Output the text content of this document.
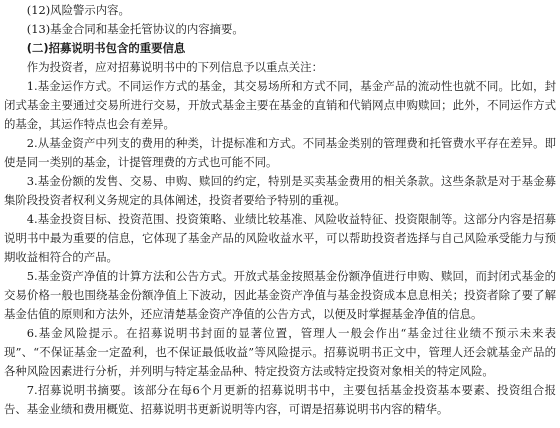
(12)风险警示内容。

(13)基金合同和基金托管协议的内容摘要。

(二)招募说明书包含的重要信息

作为投资者，应对招募说明书中的下列信息予以重点关注：

1.基金运作方式。不同运作方式的基金，其交易场所和方式不同，基金产品的流动性也就不同。比如，封闭式基金主要通过交易所进行交易，开放式基金主要在基金的直销和代销网点申购赎回；此外，不同运作方式的基金，其运作特点也会有差异。

2.从基金资产中列支的费用的种类，计提标准和方式。不同基金类别的管理费和托管费水平存在差异。即使是同一类别的基金，计提管理费的方式也可能不同。

3.基金份额的发售、交易、申购、赎回的约定，特别是买卖基金费用的相关条款。这些条款是对于基金募集阶段投资者权利义务规定的具体阐述，投资者要给予特别的重视。

4.基金投资目标、投资范围、投资策略、业绩比较基准、风险收益特征、投资限制等。这部分内容是招募说明书中最为重要的信息，它体现了基金产品的风险收益水平，可以帮助投资者选择与自己风险承受能力与预期收益相符合的产品。

5.基金资产净值的计算方法和公告方式。开放式基金按照基金份额净值进行申购、赎回，而封闭式基金的交易价格一般也围绕基金份额净值上下波动，因此基金资产净值与基金投资成本息息相关；投资者除了要了解基金估值的原则和方法外，还应清楚基金资产净值的公告方式，以便及时掌握基金净值的信息。

6.基金风险提示。在招募说明书封面的显著位置，管理人一般会作出“基金过往业绩不预示未来表现”、“不保证基金一定盈利，也不保证最低收益”等风险提示。招募说明书正文中，管理人还会就基金产品的各种风险因素进行分析，并列明与特定基金品种、特定投资方法或特定投资对象相关的特定风险。

7.招募说明书摘要。该部分在每6个月更新的招募说明书中，主要包括基金投资基本要素、投资组合报告、基金业绩和费用概览、招募说明书更新说明等内容，可谓是招募说明书内容的精华。
